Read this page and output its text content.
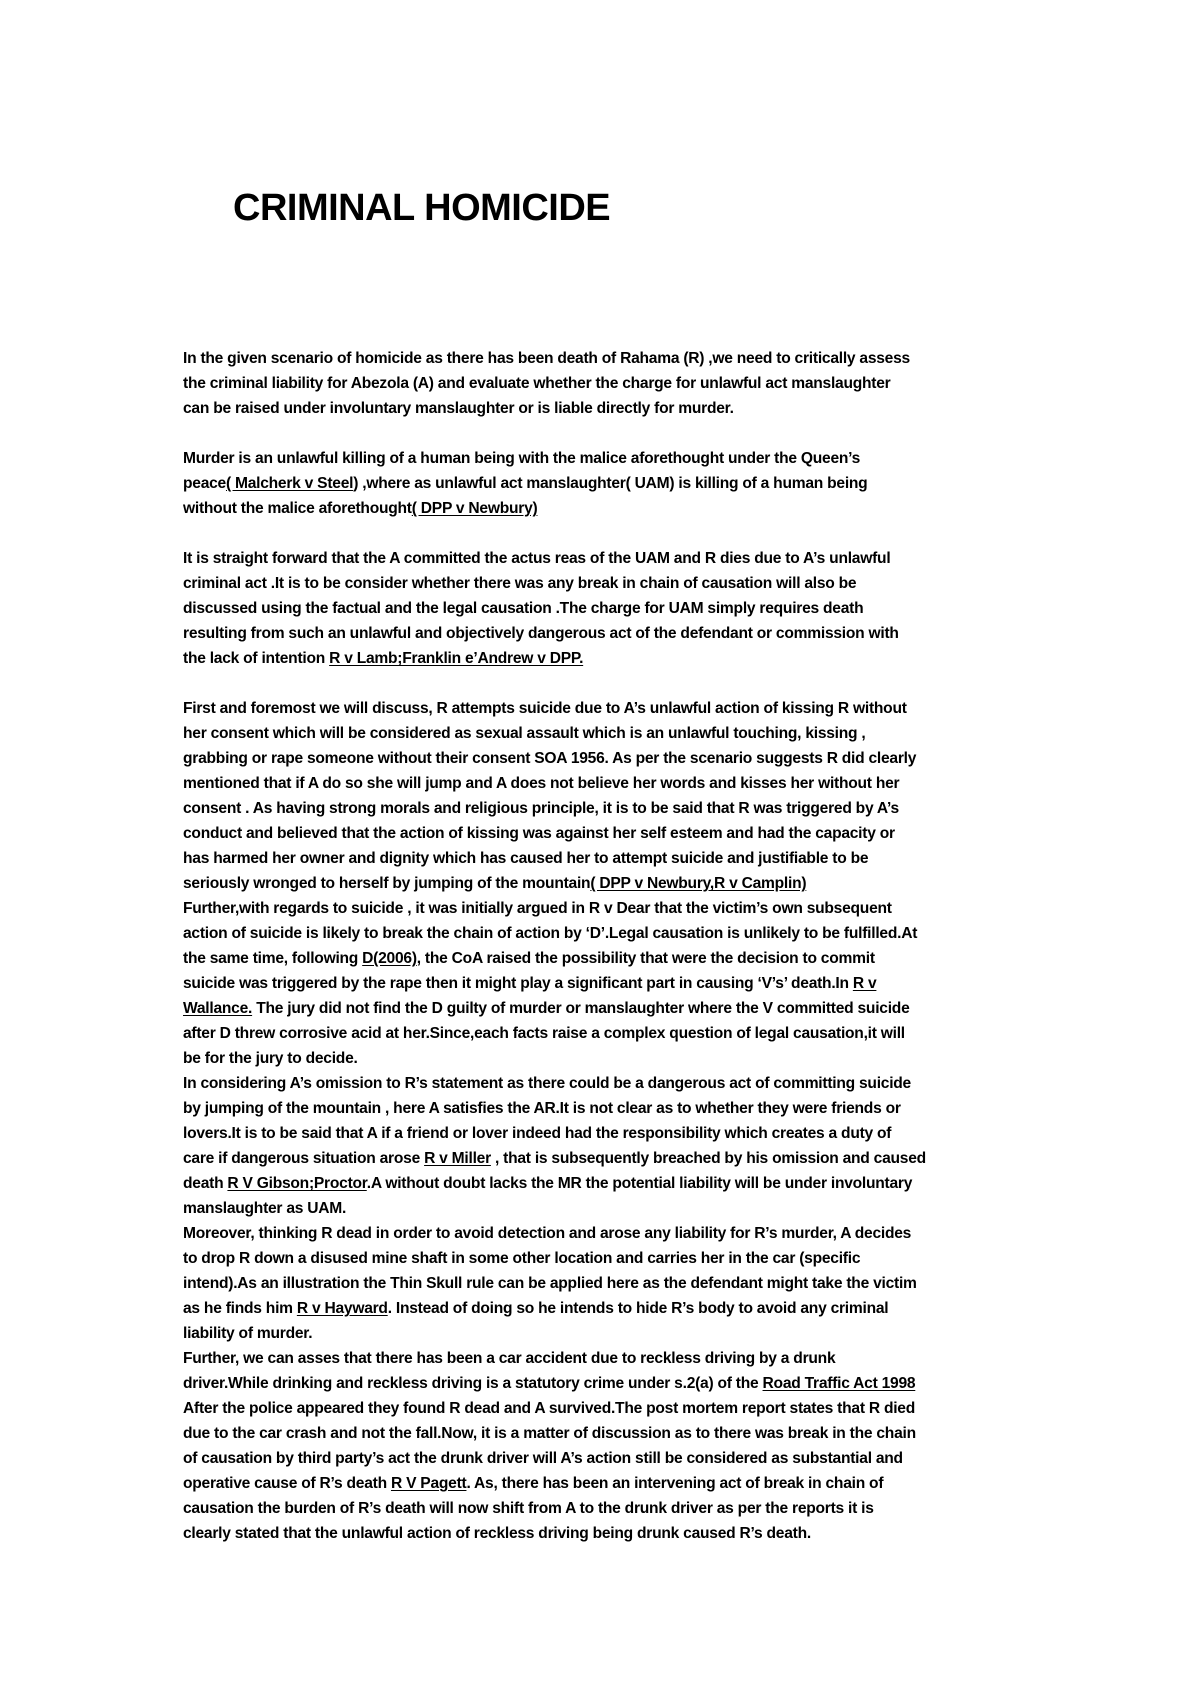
CRIMINAL HOMICIDE

In the given scenario of homicide as there has been death of Rahama (R) ,we need to critically assess
the criminal liability for Abezola (A) and evaluate whether the charge for unlawful act manslaughter
can be raised under involuntary manslaughter or is liable directly for murder.

Murder is an unlawful killing of a human being with the malice aforethought under the Queen’s
peace( Malcherk v Steel) ,where as unlawful act manslaughter( UAM) is killing of a human being
without the malice aforethought( DPP v Newbury)

It is straight forward that the A committed the actus reas of the UAM and R dies due to A’s unlawful
criminal act .It is to be consider whether there was any break in chain of causation will also be
discussed using the factual and the legal causation .The charge for UAM simply requires death
resulting from such an unlawful and objectively dangerous act of the defendant or commission with
the lack of intention R v Lamb;Franklin e’Andrew v DPP.

First and foremost we will discuss, R attempts suicide due to A’s unlawful action of kissing R without
her consent which will be considered as sexual assault which is an unlawful touching, kissing ,
grabbing or rape someone without their consent SOA 1956. As per the scenario suggests R did clearly
mentioned that if A do so she will jump and A does not believe her words and kisses her without her
consent . As having strong morals and religious principle, it is to be said that R was triggered by A’s
conduct and believed that the action of kissing was against her self esteem and had the capacity or
has harmed her owner and dignity which has caused her to attempt suicide and justifiable to be
seriously wronged to herself by jumping of the mountain( DPP v Newbury,R v Camplin)
Further,with regards to suicide , it was initially argued in R v Dear that the victim’s own subsequent
action of suicide is likely to break the chain of action by ‘D’.Legal causation is unlikely to be fulfilled.At
the same time, following D(2006), the CoA raised the possibility that were the decision to commit
suicide was triggered by the rape then it might play a significant part in causing ‘V’s’ death.In R v
Wallance. The jury did not find the D guilty of murder or manslaughter where the V committed suicide
after D threw corrosive acid at her.Since,each facts raise a complex question of legal causation,it will
be for the jury to decide.
In considering A’s omission to R’s statement as there could be a dangerous act of committing suicide
by jumping of the mountain , here A satisfies the AR.It is not clear as to whether they were friends or
lovers.It is to be said that A if a friend or lover indeed had the responsibility which creates a duty of
care if dangerous situation arose R v Miller , that is subsequently breached by his omission and caused
death R V Gibson;Proctor.A without doubt lacks the MR the potential liability will be under involuntary
manslaughter as UAM.
Moreover, thinking R dead in order to avoid detection and arose any liability for R’s murder, A decides
to drop R down a disused mine shaft in some other location and carries her in the car (specific
intend).As an illustration the Thin Skull rule can be applied here as the defendant might take the victim
as he finds him R v Hayward. Instead of doing so he intends to hide R’s body to avoid any criminal
liability of murder.
Further, we can asses that there has been a car accident due to reckless driving by a drunk
driver.While drinking and reckless driving is a statutory crime under s.2(a) of the Road Traffic Act 1998
After the police appeared they found R dead and A survived.The post mortem report states that R died
due to the car crash and not the fall.Now, it is a matter of discussion as to there was break in the chain
of causation by third party’s act the drunk driver will A’s action still be considered as substantial and
operative cause of R’s death R V Pagett. As, there has been an intervening act of break in chain of
causation the burden of R’s death will now shift from A to the drunk driver as per the reports it is
clearly stated that the unlawful action of reckless driving being drunk caused R’s death.
